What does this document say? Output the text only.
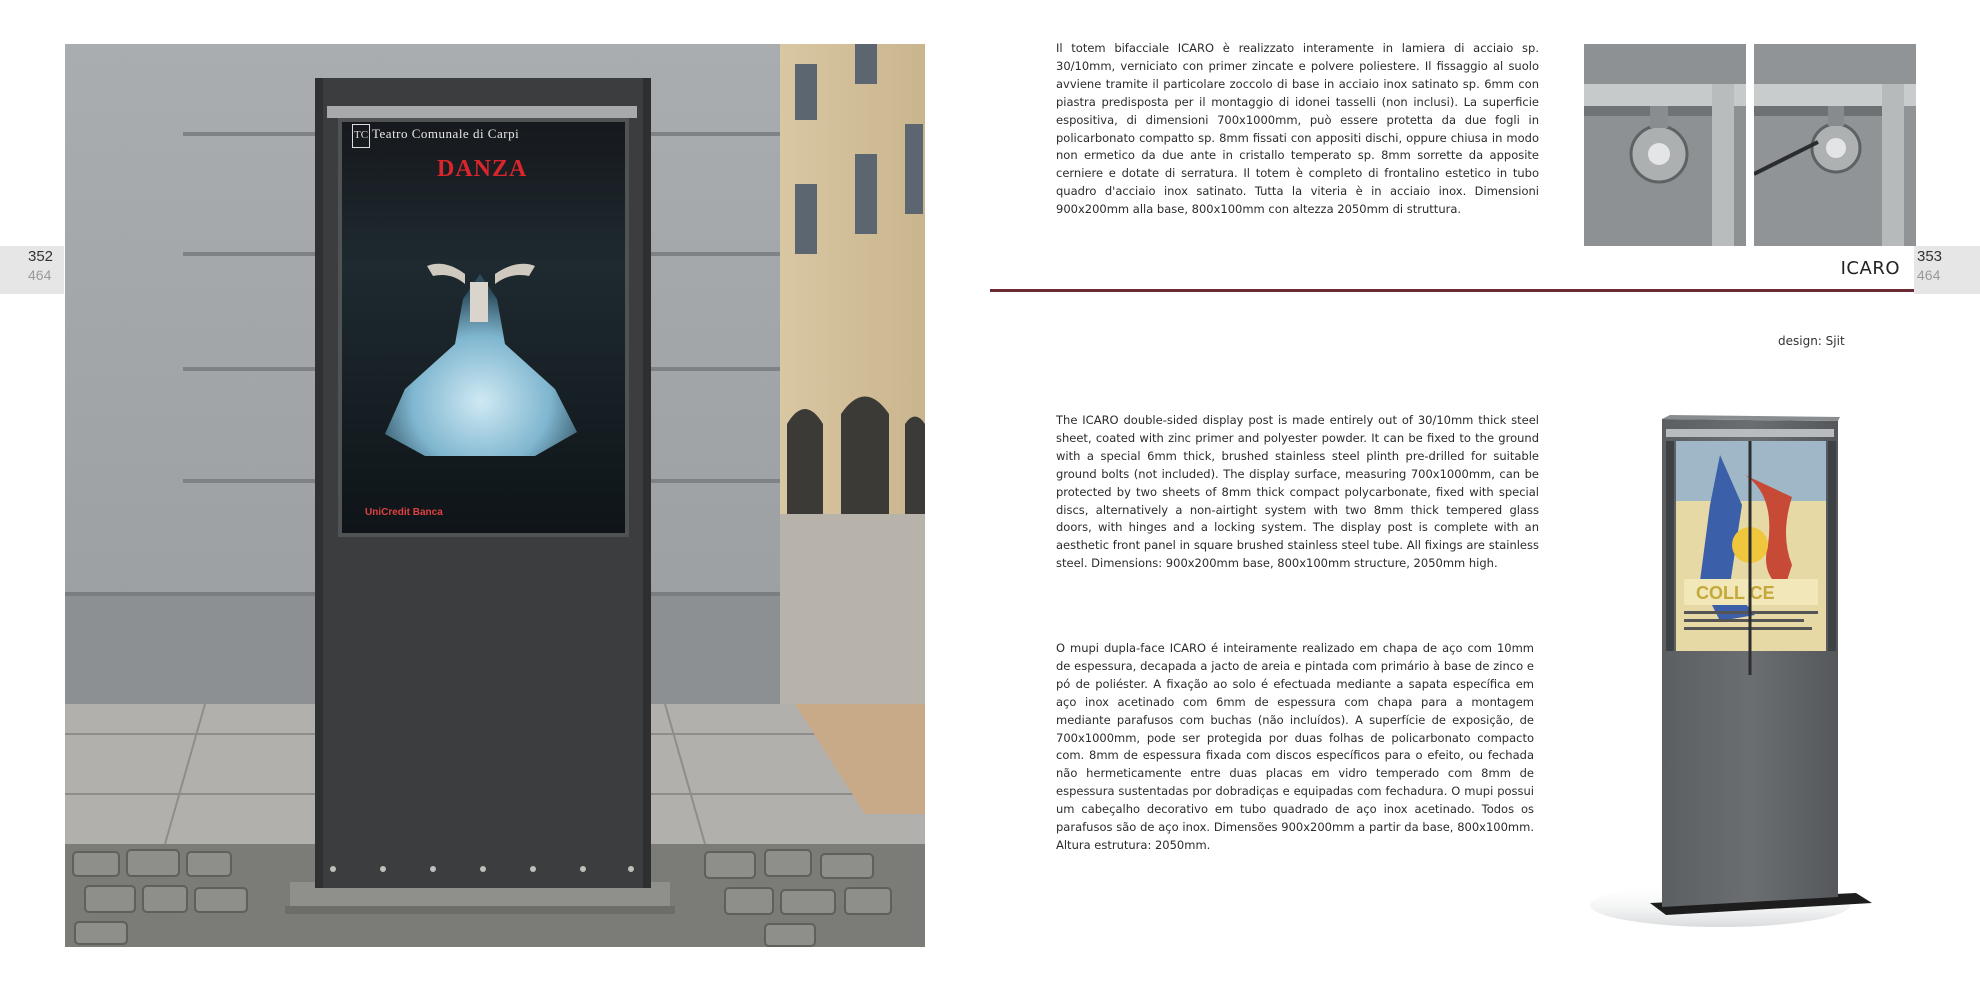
352
464
353
464
Teatro Comunale di Carpi
TC
DANZA
UniCredit Banca

Il totem bifacciale ICARO è realizzato interamente in lamiera di acciaio sp. 30/10mm, verniciato con primer zincate e polvere poliestere. Il fissaggio al suolo avviene tramite il particolare zoccolo di base in acciaio inox satinato sp. 6mm con piastra predisposta per il montaggio di idonei tasselli (non inclusi). La superficie espositiva, di dimensioni 700x1000mm, può essere protetta da due fogli in policarbonato compatto sp. 8mm fissati con appositi dischi, oppure chiusa in modo non ermetico da due ante in cristallo temperato sp. 8mm sorrette da apposite cerniere e dotate di serratura. Il totem è completo di frontalino estetico in tubo quadro d'acciaio inox satinato. Tutta la viteria è in acciaio inox. Dimensioni 900x200mm alla base, 800x100mm con altezza 2050mm di struttura.

ICARO
design: Sjit

The ICARO double-sided display post is made entirely out of 30/10mm thick steel sheet, coated with zinc primer and polyester powder. It can be fixed to the ground with a special 6mm thick, brushed stainless steel plinth pre-drilled for suitable ground bolts (not included). The display surface, measuring 700x1000mm, can be protected by two sheets of 8mm thick compact polycarbonate, fixed with special discs, alternatively a non-airtight system with two 8mm thick tempered glass doors, with hinges and a locking system. The display post is complete with an aesthetic front panel in square brushed stainless steel tube. All fixings are stainless steel. Dimensions: 900x200mm base, 800x100mm structure, 2050mm high.

O mupi dupla-face ICARO é inteiramente realizado em chapa de aço com 10mm de espessura, decapada a jacto de areia e pintada com primário à base de zinco e pó de poliéster. A fixação ao solo é efectuada mediante a sapata específica em aço inox acetinado com 6mm de espessura com chapa para a montagem mediante parafusos com buchas (não incluídos). A superfície de exposição, de 700x1000mm, pode ser protegida por duas folhas de policarbonato compacto com. 8mm de espessura fixada com discos específicos para o efeito, ou fechada não hermeticamente entre duas placas em vidro temperado com 8mm de espessura sustentadas por dobradiças e equipadas com fechadura. O mupi possui um cabeçalho decorativo em tubo quadrado de aço inox acetinado. Todos os parafusos são de aço inox. Dimensões 900x200mm a partir da base, 800x100mm. Altura estrutura: 2050mm.

COLL CE
